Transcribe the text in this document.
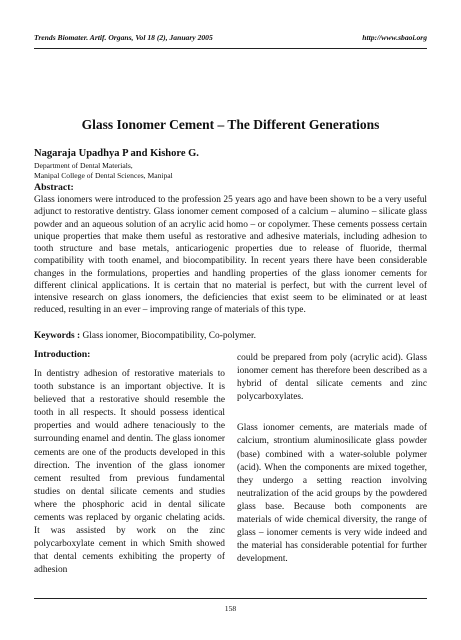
Trends Biomater. Artif. Organs, Vol 18 (2), January 2005	http://www.sbaoi.org
Glass Ionomer Cement – The Different Generations
Nagaraja Upadhya P and Kishore G.
Department of Dental Materials,
Manipal College of Dental Sciences, Manipal
Abstract:

Glass ionomers were introduced to the profession 25 years ago and have been shown to be a very useful adjunct to restorative dentistry. Glass ionomer cement composed of a calcium – alumino – silicate glass powder and an aqueous solution of an acrylic acid homo – or copolymer. These cements possess certain unique properties that make them useful as restorative and adhesive materials, including adhesion to tooth structure and base metals, anticariogenic properties due to release of fluoride, thermal compatibility with tooth enamel, and biocompatibility. In recent years there have been considerable changes in the formulations, properties and handling properties of the glass ionomer cements for different clinical applications. It is certain that no material is perfect, but with the current level of intensive research on glass ionomers, the deficiencies that exist seem to be eliminated or at least reduced, resulting in an ever – improving range of materials of this type.

Keywords : Glass ionomer, Biocompatibility, Co-polymer.
Introduction:

In dentistry adhesion of restorative materials to tooth substance is an important objective. It is believed that a restorative should resemble the tooth in all respects. It should possess identical properties and would adhere tenaciously to the surrounding enamel and dentin. The glass ionomer cements are one of the products developed in this direction. The invention of the glass ionomer cement resulted from previous fundamental studies on dental silicate cements and studies where the phosphoric acid in dental silicate cements was replaced by organic chelating acids. It was assisted by work on the zinc polycarboxylate cement in which Smith showed that dental cements exhibiting the property of adhesion

could be prepared from poly (acrylic acid). Glass ionomer cement has therefore been described as a hybrid of dental silicate cements and zinc polycarboxylates.

Glass ionomer cements, are materials made of calcium, strontium aluminosilicate glass powder (base) combined with a water-soluble polymer (acid). When the components are mixed together, they undergo a setting reaction involving neutralization of the acid groups by the powdered glass base. Because both components are materials of wide chemical diversity, the range of glass – ionomer cements is very wide indeed and the material has considerable potential for further development.

158
